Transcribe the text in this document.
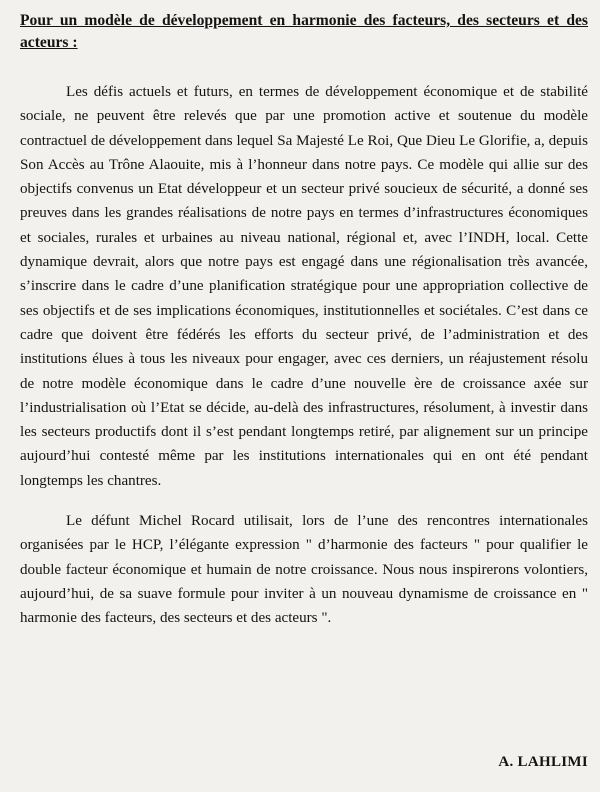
Pour un modèle de développement en harmonie des facteurs, des secteurs et des acteurs :

Les défis actuels et futurs, en termes de développement économique et de stabilité sociale, ne peuvent être relevés que par une promotion active et soutenue du modèle contractuel de développement dans lequel Sa Majesté Le Roi, Que Dieu Le Glorifie, a, depuis Son Accès au Trône Alaouite, mis à l’honneur dans notre pays. Ce modèle qui allie sur des objectifs convenus un Etat développeur et un secteur privé soucieux de sécurité, a donné ses preuves dans les grandes réalisations de notre pays en termes d’infrastructures économiques et sociales, rurales et urbaines au niveau national, régional et, avec l’INDH, local. Cette dynamique devrait, alors que notre pays est engagé dans une régionalisation très avancée, s’inscrire dans le cadre d’une planification stratégique pour une appropriation collective de ses objectifs et de ses implications économiques, institutionnelles et sociétales. C’est dans ce cadre que doivent être fédérés les efforts du secteur privé, de l’administration et des institutions élues à tous les niveaux pour engager, avec ces derniers, un réajustement résolu de notre modèle économique dans le cadre d’une nouvelle ère de croissance axée sur l’industrialisation où l’Etat se décide, au-delà des infrastructures, résolument, à investir dans les secteurs productifs dont il s’est pendant longtemps retiré, par alignement sur un principe aujourd’hui contesté même par les institutions internationales qui en ont été pendant longtemps les chantres.

Le défunt Michel Rocard utilisait, lors de l’une des rencontres internationales organisées par le HCP, l’élégante expression " d’harmonie des facteurs " pour qualifier le double facteur économique et humain de notre croissance. Nous nous inspirerons volontiers, aujourd’hui, de sa suave formule pour inviter à un nouveau dynamisme de croissance en " harmonie des facteurs, des secteurs et des acteurs ".

A. LAHLIMI
